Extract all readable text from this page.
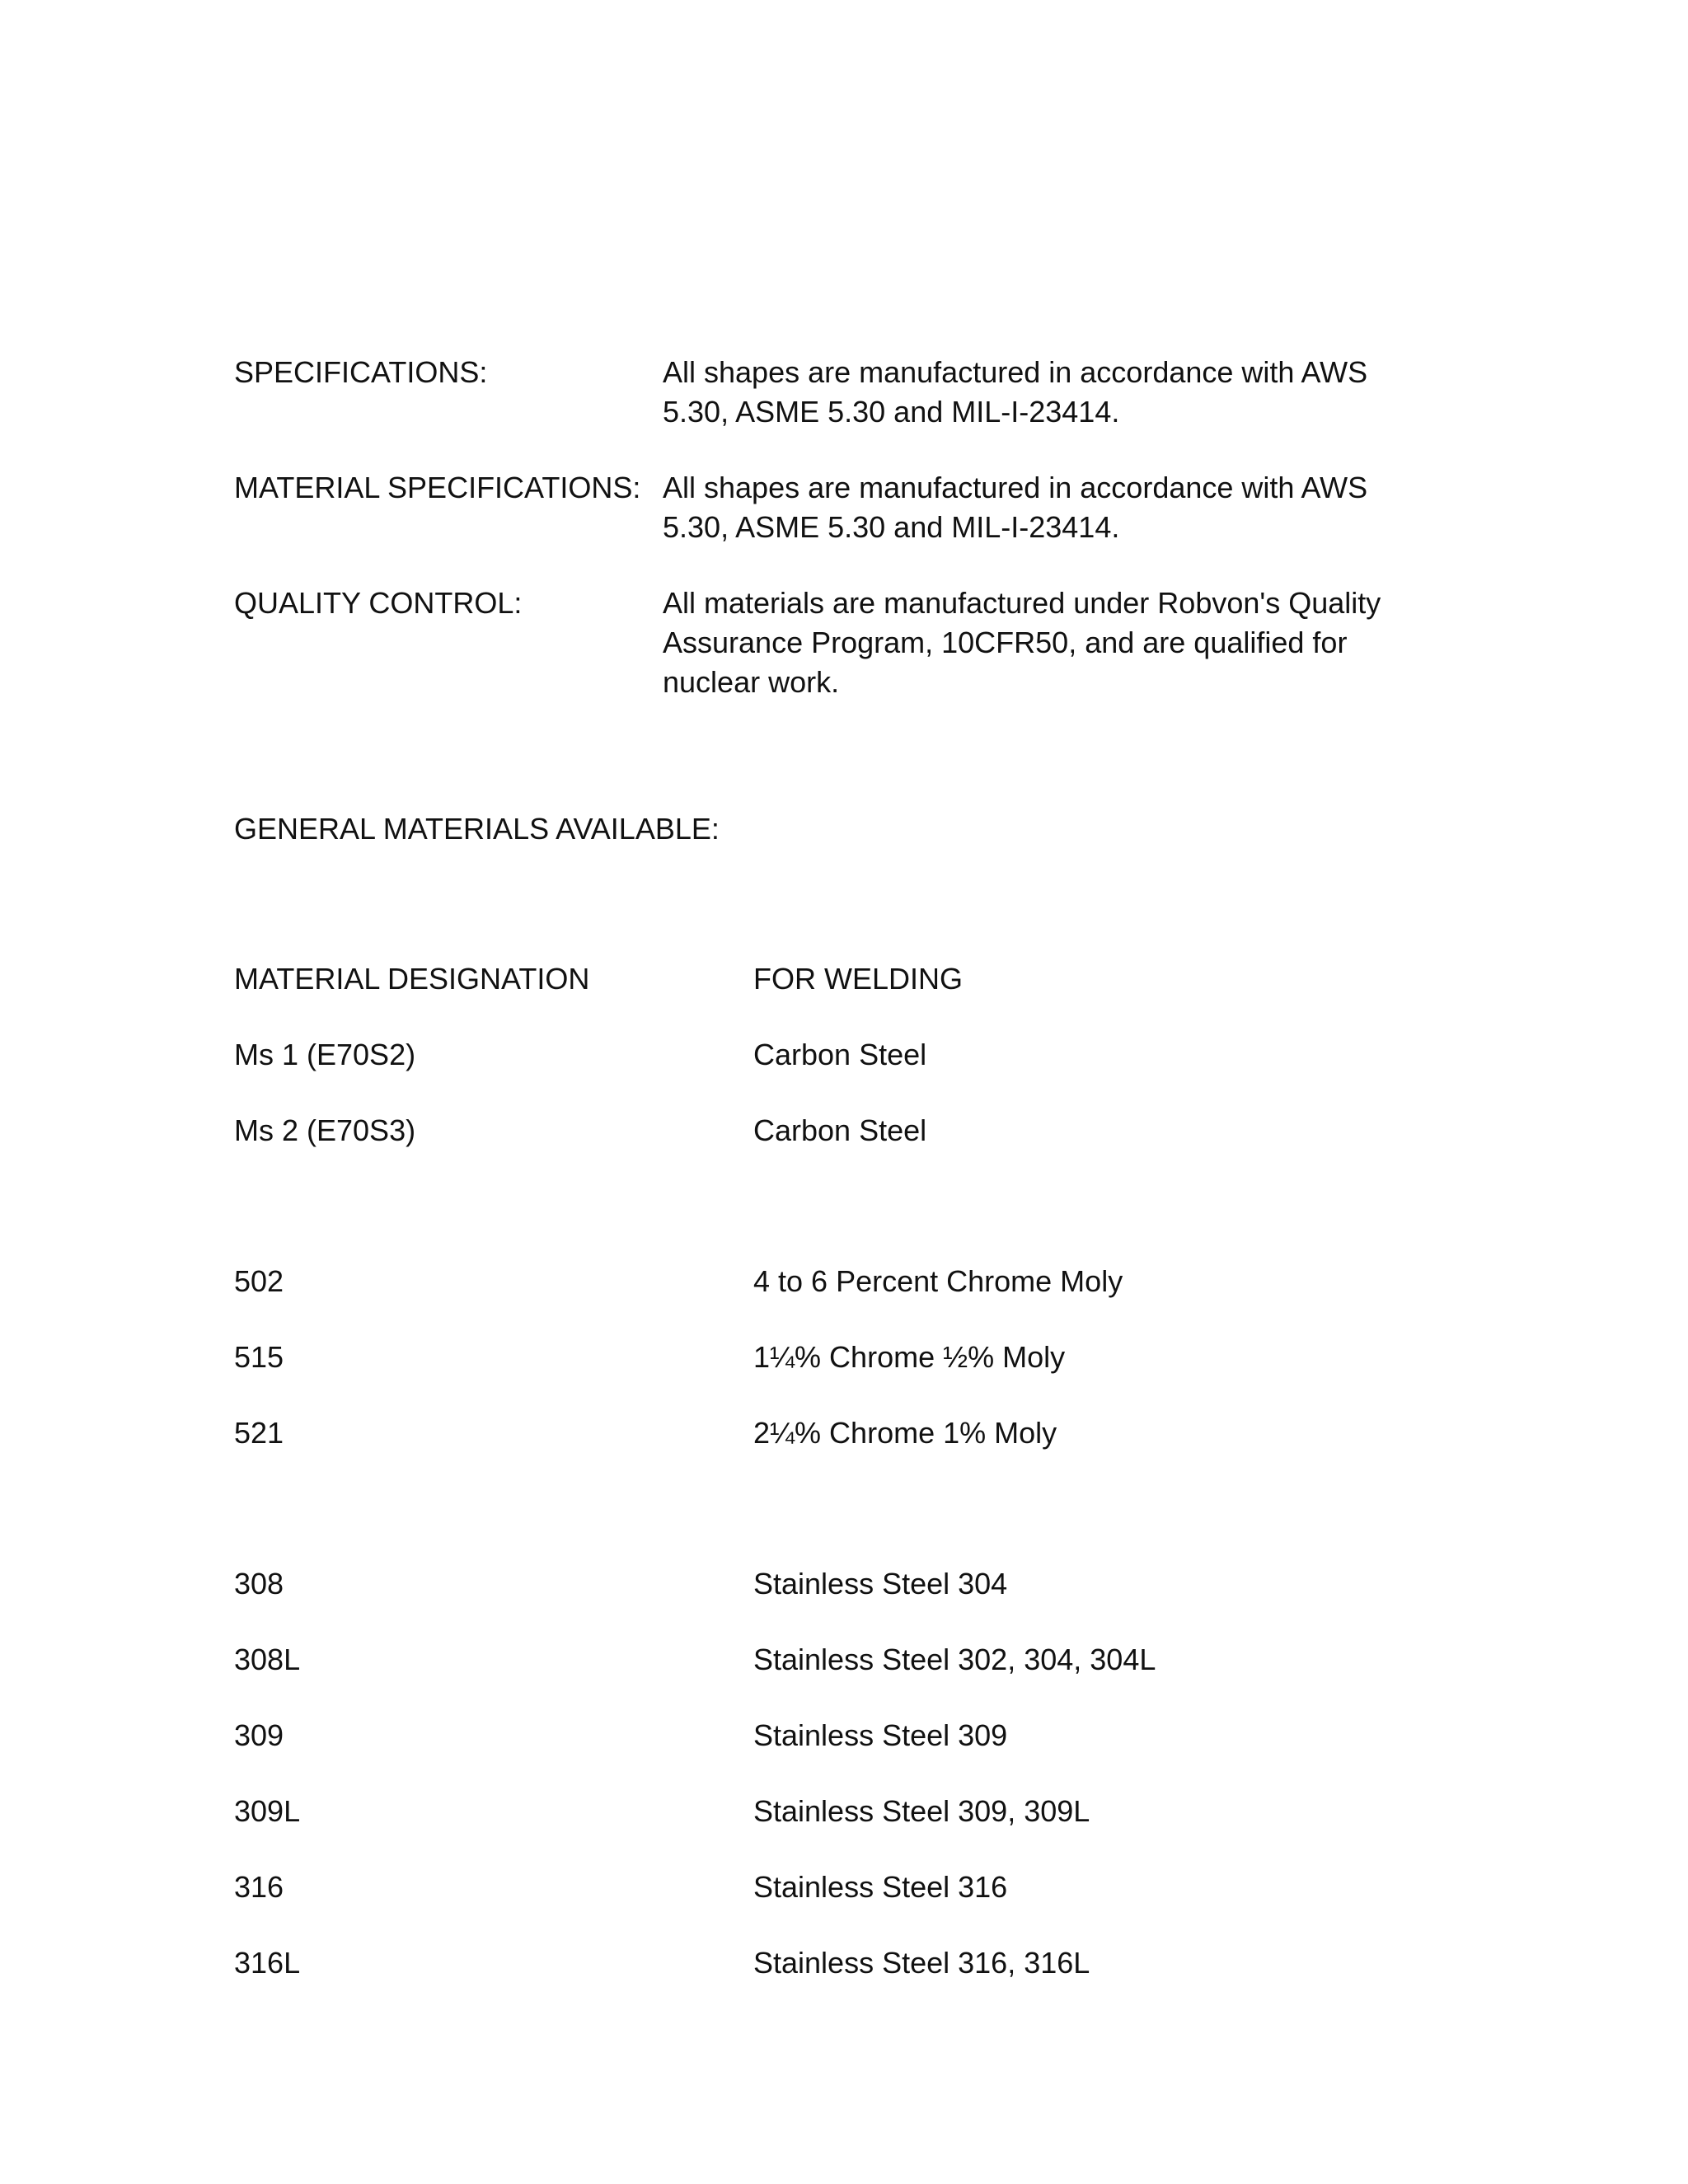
SPECIFICATIONS:	All shapes are manufactured in accordance with AWS
5.30, ASME 5.30 and MIL-I-23414.
MATERIAL SPECIFICATIONS: All shapes are manufactured in accordance with AWS
5.30, ASME 5.30 and MIL-I-23414.
QUALITY CONTROL:	All materials are manufactured under Robvon's Quality
Assurance Program, 10CFR50, and are qualified for
nuclear work.
GENERAL MATERIALS AVAILABLE:
MATERIAL DESIGNATION	FOR WELDING
Ms 1 (E70S2)	Carbon Steel
Ms 2 (E70S3)	Carbon Steel
502	4 to 6 Percent Chrome Moly
515	1¼% Chrome ½% Moly
521	2¼% Chrome 1% Moly
308	Stainless Steel 304
308L	Stainless Steel 302, 304, 304L
309	Stainless Steel 309
309L	Stainless Steel 309, 309L
316	Stainless Steel 316
316L	Stainless Steel 316, 316L
